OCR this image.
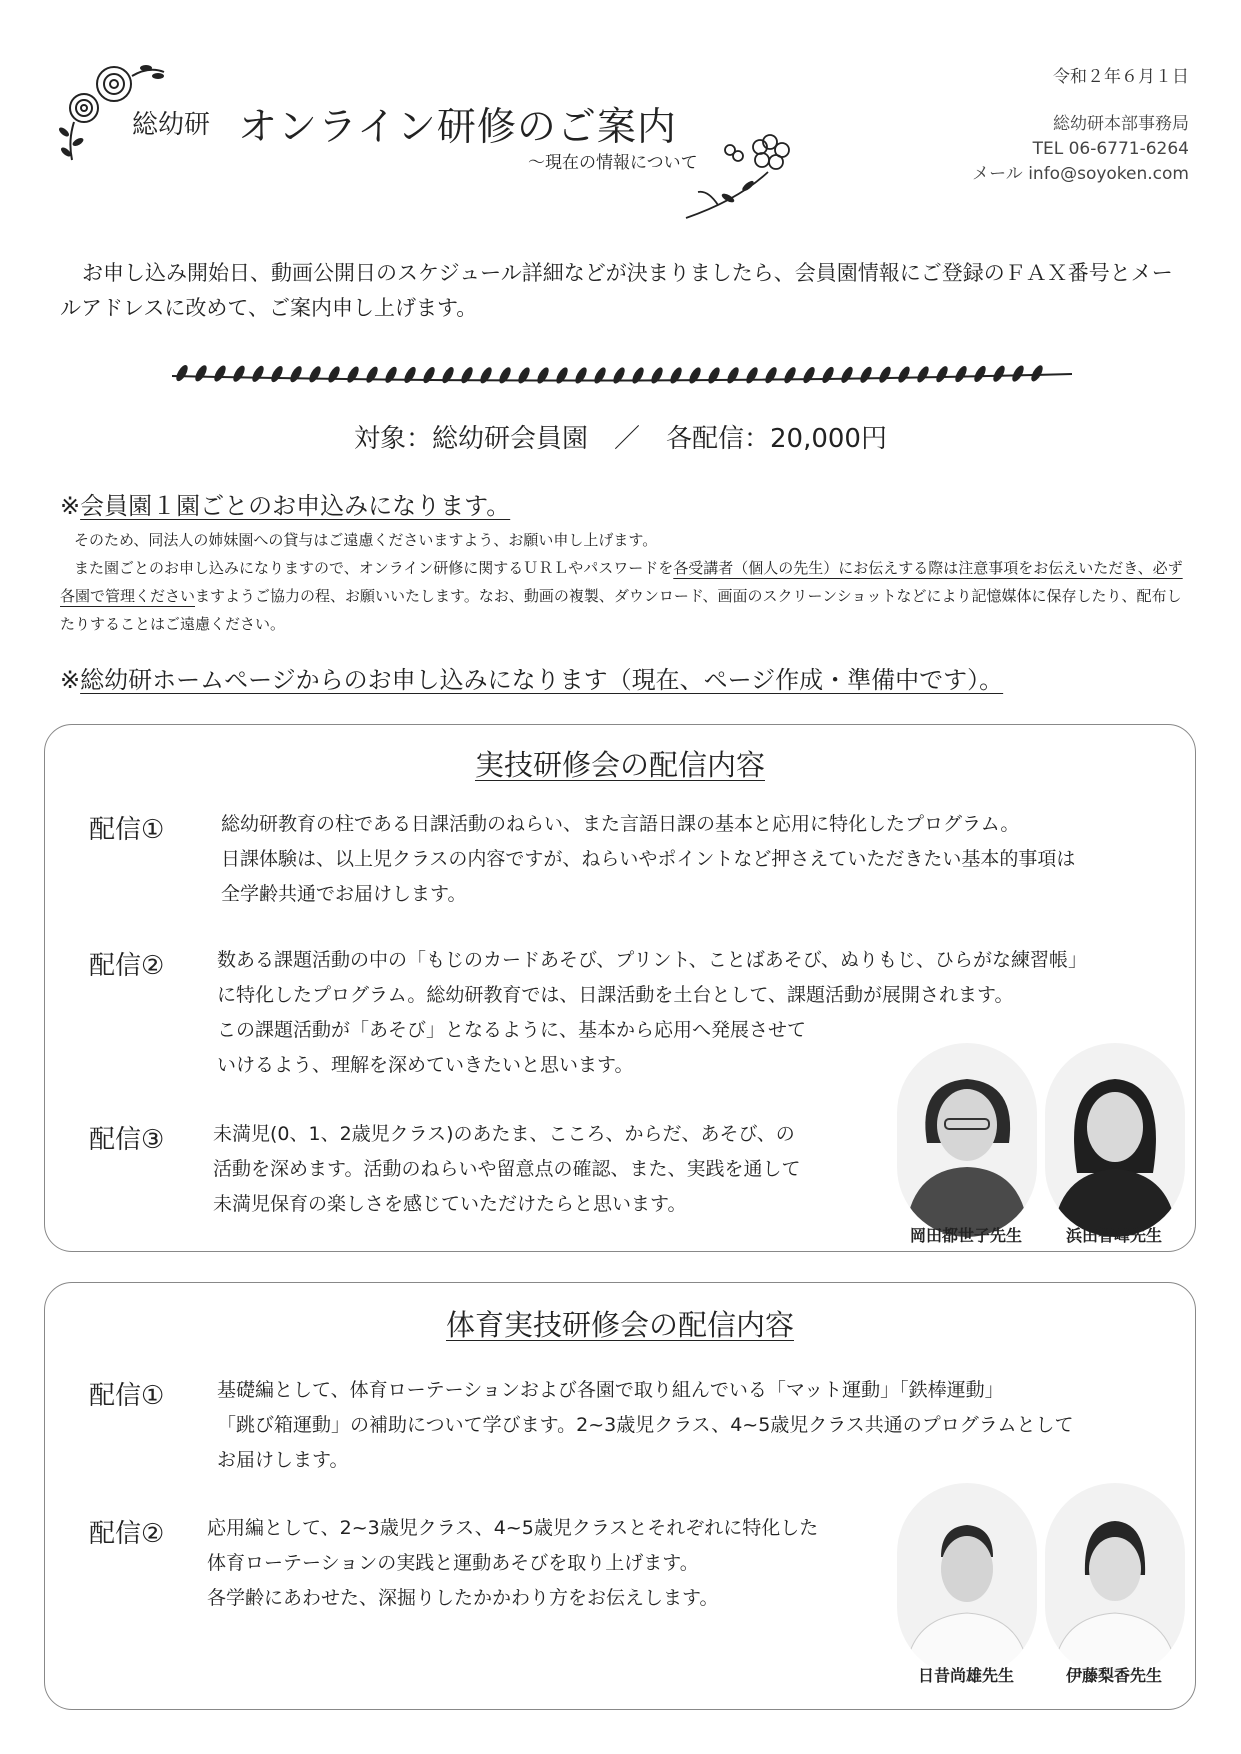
総幼研 オンライン研修のご案内
～現在の情報について
令和２年６月１日
総幼研本部事務局
TEL 06-6771-6264
メール info@soyoken.com
お申し込み開始日、動画公開日のスケジュール詳細などが決まりましたら、会員園情報にご登録のＦＡＸ番号とメールアドレスに改めて、ご案内申し上げます。
対象：総幼研会員園　／　各配信：20,000円
※会員園１園ごとのお申込みになります。

そのため、同法人の姉妹園への貸与はご遠慮くださいますよう、お願い申し上げます。

また園ごとのお申し込みになりますので、オンライン研修に関するＵＲＬやパスワードを各受講者（個人の先生）にお伝えする際は注意事項をお伝えいただき、必ず各園で管理くださいますようご協力の程、お願いいたします。なお、動画の複製、ダウンロード、画面のスクリーンショットなどにより記憶媒体に保存したり、配布したりすることはご遠慮ください。

※総幼研ホームページからのお申し込みになります（現在、ページ作成・準備中です）。
実技研修会の配信内容
配信①	総幼研教育の柱である日課活動のねらい、また言語日課の基本と応用に特化したプログラム。
日課体験は、以上児クラスの内容ですが、ねらいやポイントなど押さえていただきたい基本的事項は
全学齢共通でお届けします。
配信②	数ある課題活動の中の「もじのカードあそび、プリント、ことばあそび、ぬりもじ、ひらがな練習帳」
に特化したプログラム。総幼研教育では、日課活動を土台として、課題活動が展開されます。
この課題活動が「あそび」となるように、基本から応用へ発展させて
いけるよう、理解を深めていきたいと思います。
配信③	未満児(0、1、2歳児クラス)のあたま、こころ、からだ、あそび、の
活動を深めます。活動のねらいや留意点の確認、また、実践を通して
未満児保育の楽しさを感じていただけたらと思います。
岡田都世子先生	浜田智峰先生
体育実技研修会の配信内容
配信①	基礎編として、体育ローテーションおよび各園で取り組んでいる「マット運動」「鉄棒運動」
「跳び箱運動」の補助について学びます。2~3歳児クラス、4~5歳児クラス共通のプログラムとして
お届けします。
配信② 応用編として、2~3歳児クラス、4~5歳児クラスとそれぞれに特化した
体育ローテーションの実践と運動あそびを取り上げます。
各学齢にあわせた、深掘りしたかかわり方をお伝えします。
日昔尚雄先生	伊藤梨香先生
